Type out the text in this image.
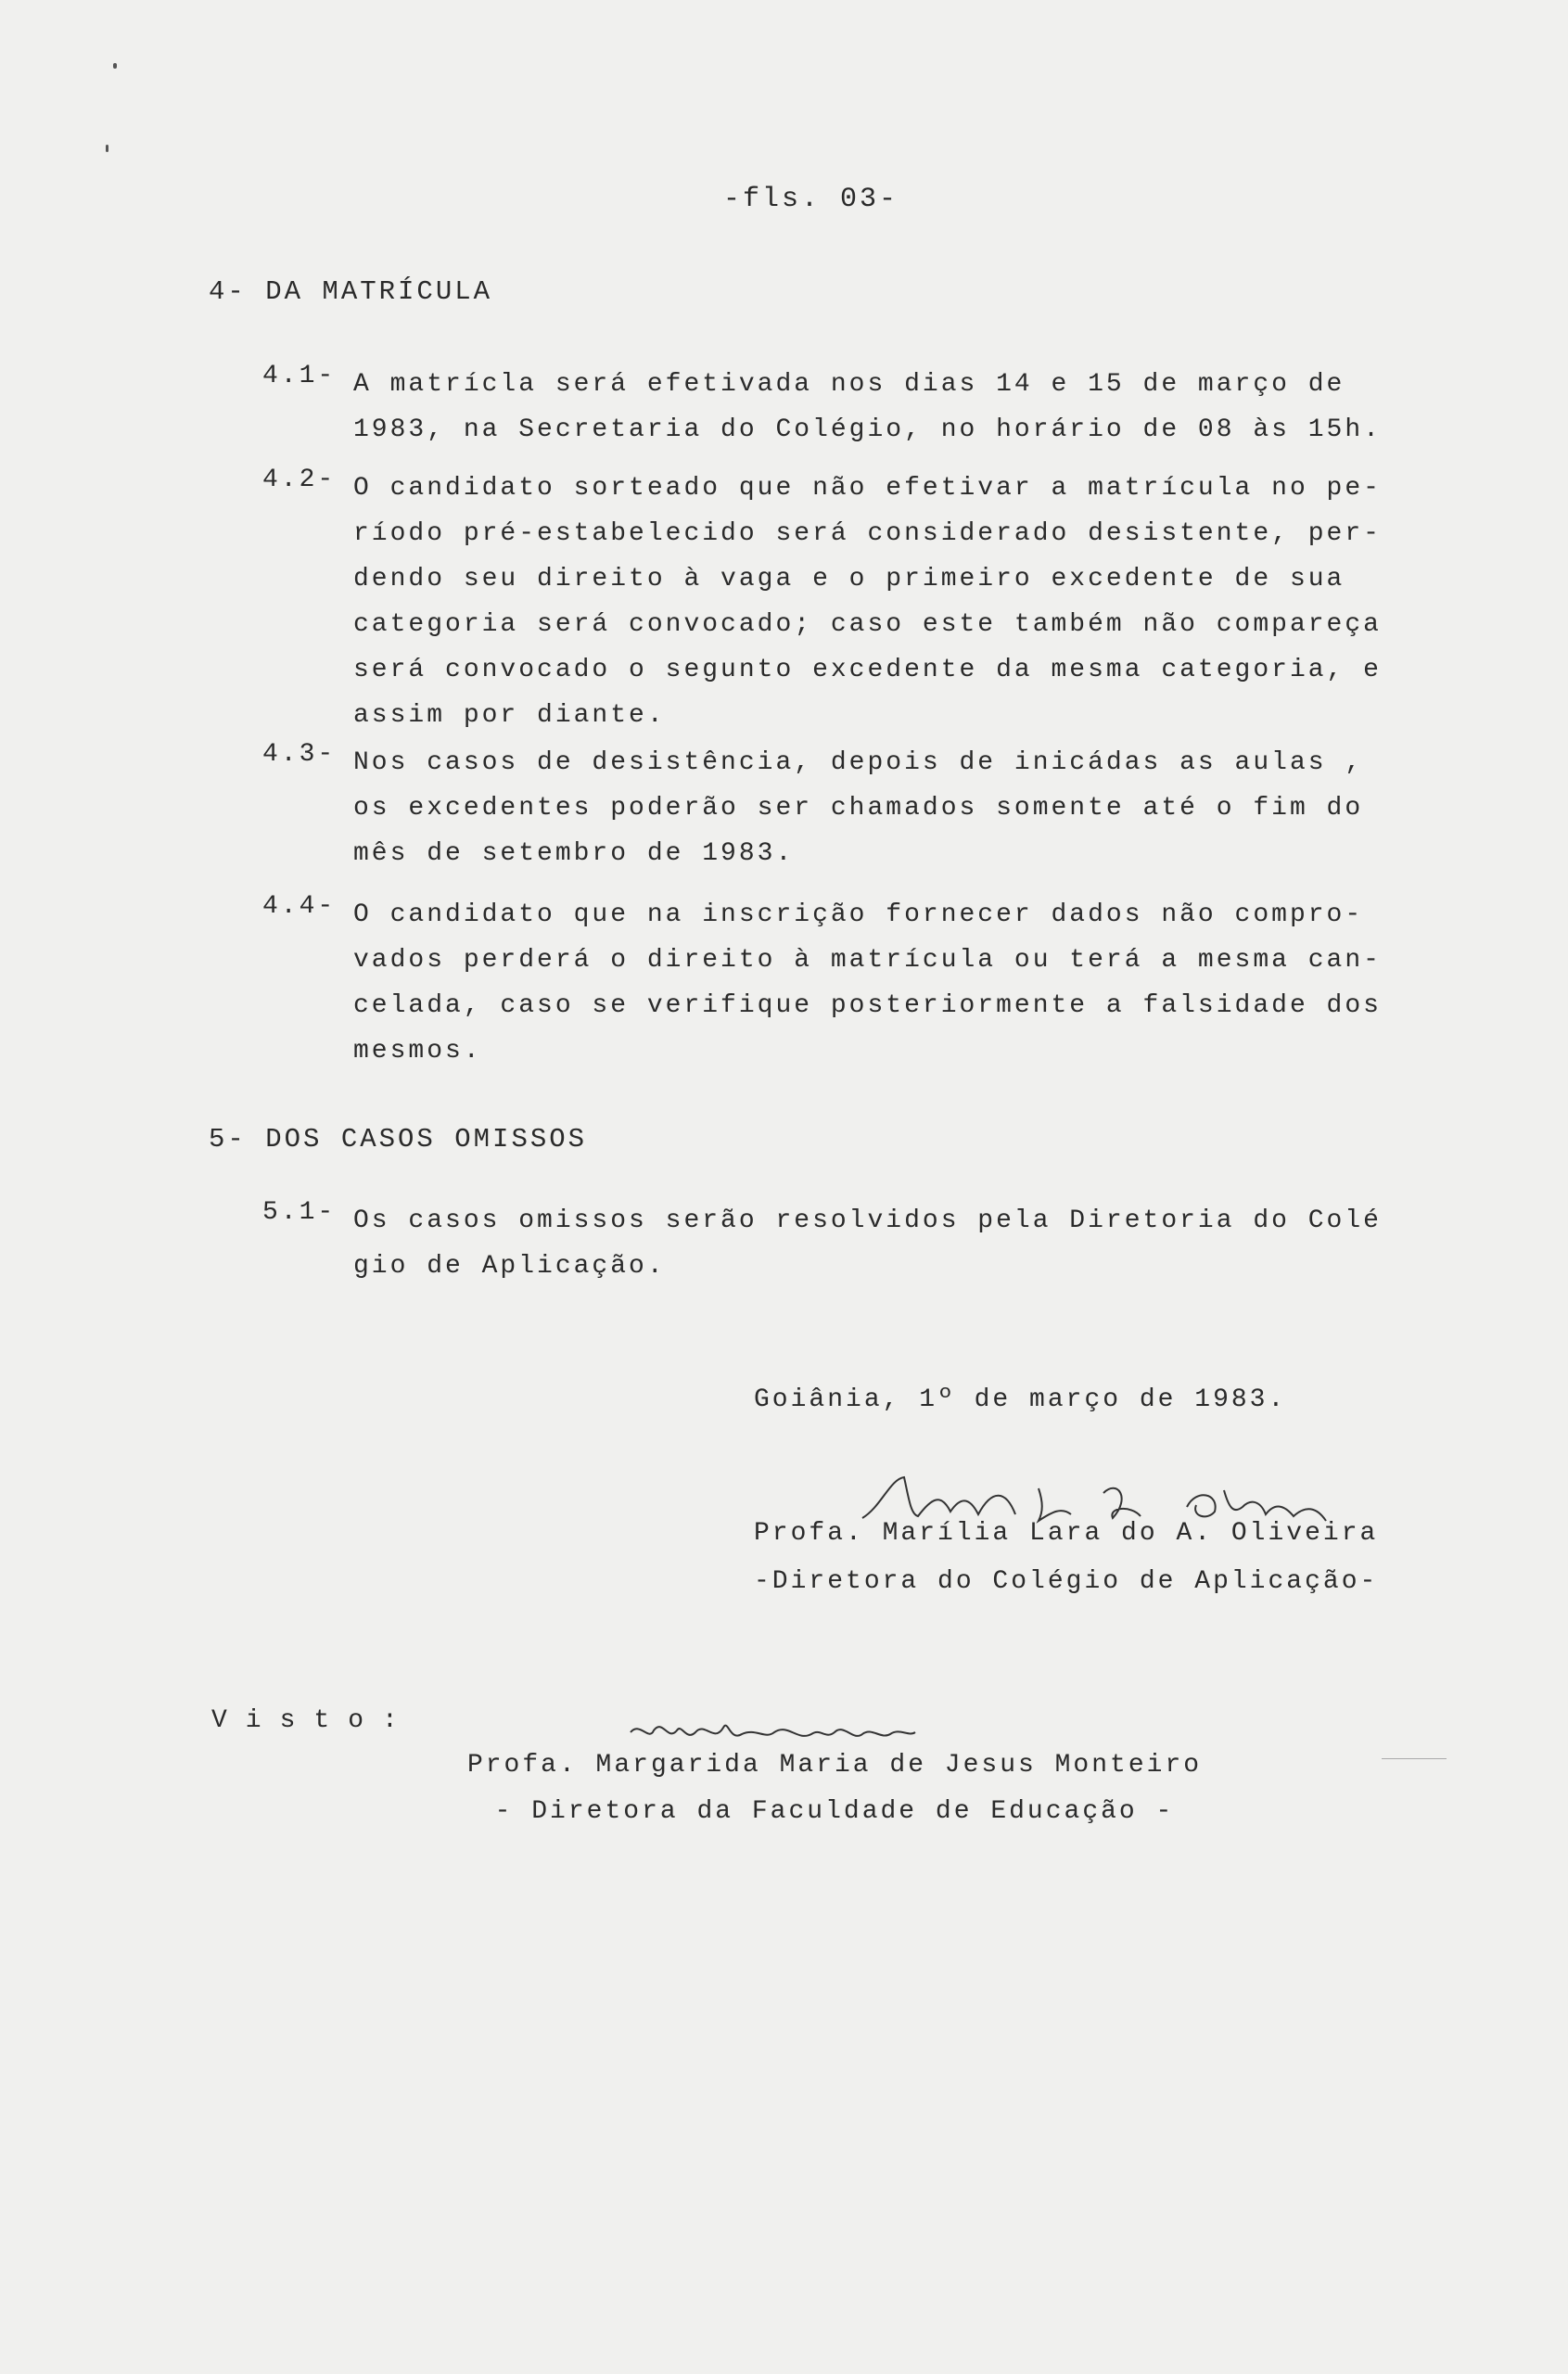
-fls. 03-
4- DA MATRÍCULA
4.1- A matrícla será efetivada nos dias 14 e 15 de março de
1983, na Secretaria do Colégio, no horário de 08 às 15h.
4.2- O candidato sorteado que não efetivar a matrícula no pe-
ríodo pré-estabelecido será considerado desistente, per-
dendo seu direito à vaga e o primeiro excedente de sua
categoria será convocado; caso este também não compareça
será convocado o segunto excedente da mesma categoria, e
assim por diante.
4.3- Nos casos de desistência, depois de inicádas as aulas ,
os excedentes poderão ser chamados somente até o fim do
mês de setembro de 1983.
4.4- O candidato que na inscrição fornecer dados não compro-
vados perderá o direito à matrícula ou terá a mesma can-
celada, caso se verifique posteriormente a falsidade dos
mesmos.
5- DOS CASOS OMISSOS
5.1- Os casos omissos serão resolvidos pela Diretoria do Colé
gio de Aplicação.
Goiânia, 1º de março de 1983.
Profa. Marília Lara do A. Oliveira
-Diretora do Colégio de Aplicação-
Visto:
Profa. Margarida Maria de Jesus Monteiro
- Diretora da Faculdade de Educação -
